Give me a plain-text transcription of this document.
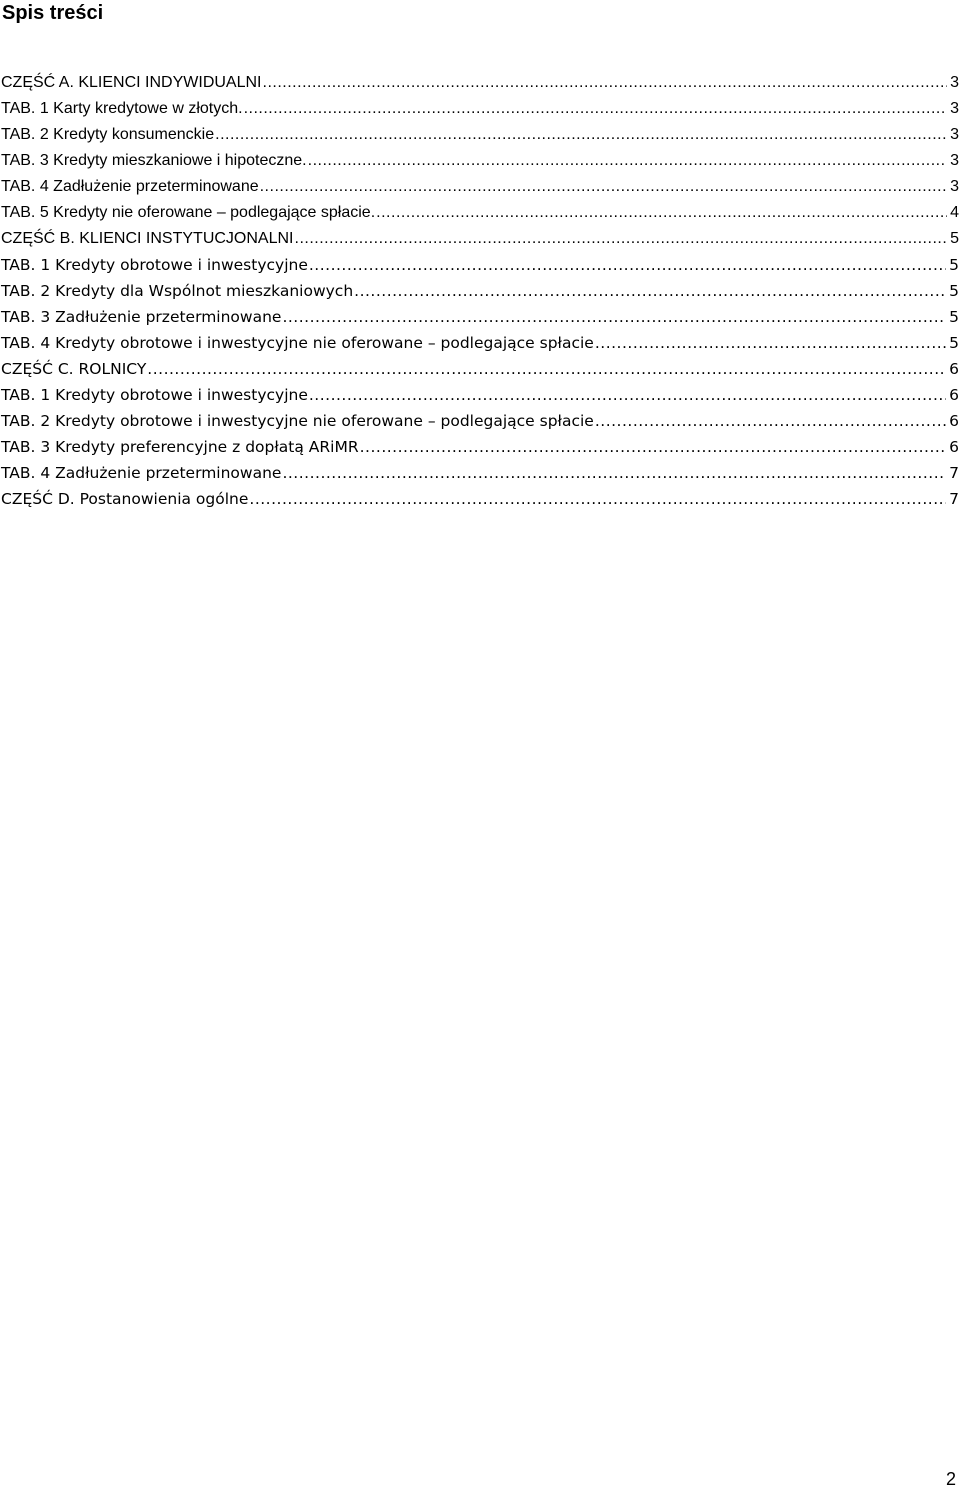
Spis treści
CZĘŚĆ A. KLIENCI INDYWIDUALNI .....	3
TAB. 1 Karty kredytowe w złotych. .....	3
TAB. 2 Kredyty konsumenckie .....	3
TAB. 3 Kredyty mieszkaniowe i hipoteczne. .....	3
TAB. 4 Zadłużenie przeterminowane .....	3
TAB. 5 Kredyty nie oferowane – podlegające spłacie. .....	4
CZĘŚĆ B. KLIENCI INSTYTUCJONALNI .....	5
TAB. 1 Kredyty obrotowe i inwestycyjne .....	5
TAB. 2 Kredyty dla Wspólnot mieszkaniowych .....	5
TAB. 3 Zadłużenie przeterminowane .....	5
TAB. 4 Kredyty obrotowe i inwestycyjne nie oferowane – podlegające spłacie .....	5
CZĘŚĆ C. ROLNICY .....	6
TAB. 1 Kredyty obrotowe i inwestycyjne .....	6
TAB. 2 Kredyty obrotowe i inwestycyjne nie oferowane – podlegające spłacie .....	6
TAB. 3 Kredyty preferencyjne z dopłatą ARiMR .....	6
TAB. 4 Zadłużenie przeterminowane .....	7
CZĘŚĆ D. Postanowienia ogólne .....	7
2
